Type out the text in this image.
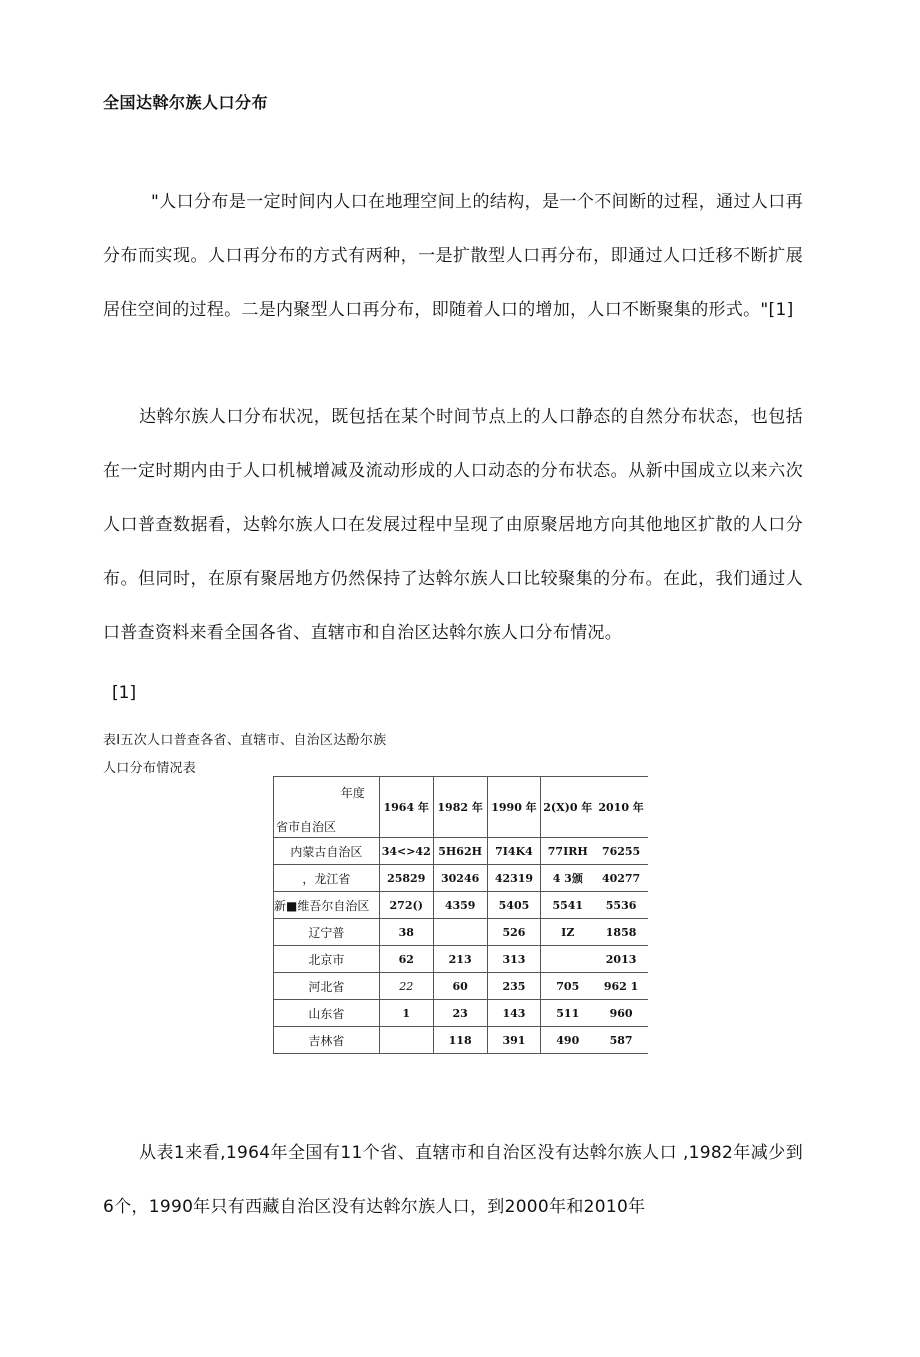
全国达斡尔族人口分布
"人口分布是一定时间内人口在地理空间上的结构，是一个不间断的过程，通过人口再分布而实现。人口再分布的方式有两种，一是扩散型人口再分布，即通过人口迁移不断扩展居住空间的过程。二是内聚型人口再分布，即随着人口的增加，人口不断聚集的形式。"[1]
达斡尔族人口分布状况，既包括在某个时间节点上的人口静态的自然分布状态，也包括在一定时期内由于人口机械增减及流动形成的人口动态的分布状态。从新中国成立以来六次人口普查数据看，达斡尔族人口在发展过程中呈现了由原聚居地方向其他地区扩散的人口分布。但同时，在原有聚居地方仍然保持了达斡尔族人口比较聚集的分布。在此，我们通过人口普查资料来看全国各省、直辖市和自治区达斡尔族人口分布情况。
[1]
表I五次人口普查各省、直辖市、自治区达酚尔族
人口分布情况表
年度
省市自治区	1964 年	1982 年	1990 年	2(X)0 年	2010 年
内蒙古自治区	34<>42	5H62H	7I4K4	77IRH	76255
，龙江省	25829	30246	42319	4 3颁	40277
新■维吾尔自治区	272()	4359	5405	5541	5536
辽宁普	38		526	IZ	1858
北京市	62	213	313		2013
河北省	22	60	235	705	962 1
山东省	1	23	143	511	960
吉林省		118	391	490	587
从表1来看,1964年全国有11个省、直辖市和自治区没有达斡尔族人口 ,1982年减少到6个，1990年只有西藏自治区没有达斡尔族人口，到2000年和2010年
